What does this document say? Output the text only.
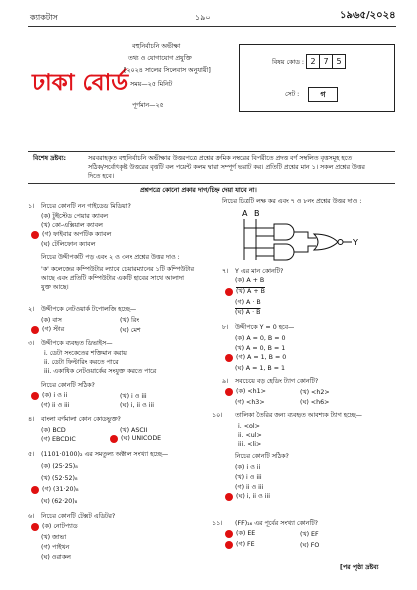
ক্যাকটাস	১৯০	১৯৬৫/২০২৪
ঢাকা বোর্ড
বহুনির্বাচনি অভীক্ষা
তথ্য ও যোগাযোগ প্রযুক্তি
[২০২৪ সালের সিলেবাস অনুযায়ী]
সময়—২৫ মিনিট
পূর্ণমান—২৫
বিষয় কোড : 2 7 5
সেট :	গ
বিশেষ দ্রষ্টব্য:	সরবরাহকৃত বহুনির্বাচনি অভীক্ষার উত্তরপত্রে প্রশ্নের ক্রমিক নম্বরের বিপরীতে প্রদত্ত বর্ণ সম্বলিত বৃত্তসমূহ হতে
সঠিক/সর্বোৎকৃষ্ট উত্তরের বৃত্তটি বল পয়েন্ট কলম দ্বারা সম্পূর্ণ ভরাট কর। প্রতিটি প্রশ্নের মান ১। সকল প্রশ্নের উত্তর
দিতে হবে।
প্রশ্নপত্রে কোনো প্রকার দাগ/চিহ্ন দেয়া যাবে না।
১। নিচের কোনটি নন গাইডেড মিডিয়া?
(ক) টুইস্টেড পেয়ার ক্যাবল
(খ) কো-এক্সিয়াল ক্যাবল
(গ) ফাইবার অপটিক ক্যাবল
(ঘ) টেলিফোন ক্যাবল
নিচের উদ্দীপকটি পড় এবং ২ ও ৩নং প্রশ্নের উত্তর দাও :
'ক' কলেজের কম্পিউটার ল্যাবে চেয়ারম্যানের ১টি কম্পিউটার
আছে এবং প্রতিটি কম্পিউটার একটি হাবের সাথে আলাদা
যুক্ত আছে।
২। উদ্দীপকে নেটওয়ার্ক টপোলজি হচ্ছে—
(ক) বাস	(খ) রিং
(গ) স্টার	(ঘ) মেশ
৩। উদ্দীপকে ব্যবহৃত ডিভাইস—
i. ডেটা সংকেতের শক্তিমান করায়
ii. ডেটা ফিল্টারিং করতে পারে
iii. একাধিক নেটওয়ার্কের সংযুক্ত করতে পারে
নিচের কোনটি সঠিক?
(ক) i ও ii	(খ) i ও iii
(গ) ii ও iii	(ঘ) i, ii ও iii
৪। বাংলা বর্ণমালা কোন কোডভুক্ত?
(ক) BCD	(খ) ASCII
(গ) EBCDIC	(ঘ) UNICODE
৫। (1101·0100)₂ এর সমতুল্য অক্টাল সংখ্যা হচ্ছে—
(ক) (25·25)₈
(খ) (52·52)₈
(গ) (31·20)₈
(ঘ) (62·20)₈
৬। নিচের কোনটি টেক্সট এডিটর?
(ক) নোটপ্যাড
(খ) জাভা
(গ) পাইথন
(ঘ) ওরাকল
নিচের চিত্রটি লক্ষ কর এবং ৭ ও ৮নং প্রশ্নের উত্তর দাও :
A B
Y
৭। Y এর মান কোনটি?
(ক) A + B
(খ) A + B
(গ) A · B
(ঘ) A · B
৮। উদ্দীপকে Y = 0 হবে—
(ক) A = 0, B = 0
(খ) A = 0, B = 1
(গ) A = 1, B = 0
(ঘ) A = 1, B = 1
৯। সবচেয়ে বড় হেডিং ট্যাগ কোনটি?
(ক) <h1>	(খ) <h2>
(গ) <h3>	(ঘ) <h6>
১০। তালিকা তৈরির জন্য ব্যবহৃত আবশ্যক ট্যাগ হচ্ছে—
i. <ol>
ii. <ul>
iii. <li>
নিচের কোনটি সঠিক?
(ক) i ও ii
(খ) i ও iii
(গ) ii ও iii
(ঘ) i, ii ও iii
১১। (FF)₁₆ এর পূর্বের সংখ্যা কোনটি?
(ক) EE	(খ) EF
(গ) FE	(ঘ) FO
[পর পৃষ্ঠা দ্রষ্টব্য
